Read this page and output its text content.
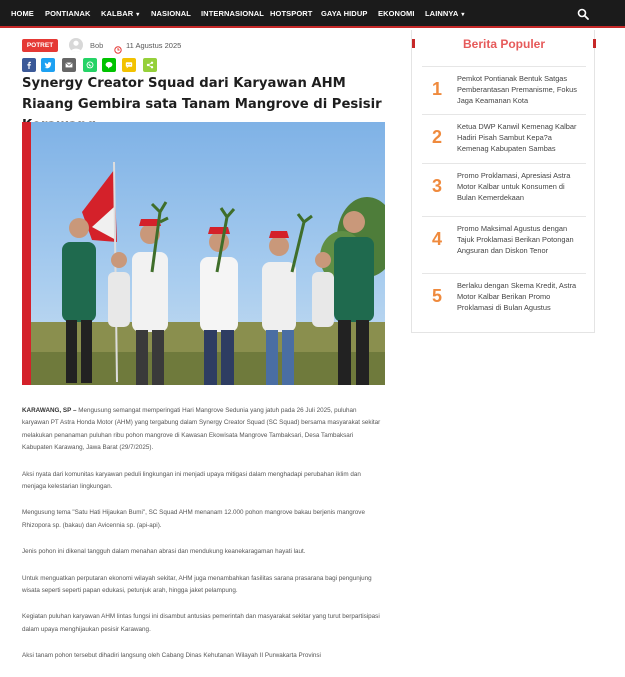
HOME PONTIANAK KALBAR ▾ NASIONAL INTERNASIONAL HOTSPORT GAYA HIDUP EKONOMI LAINNYA ▾
POTRET	Bob	11 Agustus 2025
Synergy Creator Squad dari Karyawan AHM Riaang Gembira sata Tanam Mangrove di Pesisir

KARAWANG, SP – Mengusung semangat memperingati Hari Mangrove Sedunia yang jatuh pada 26 Juli 2025, puluhan karyawan PT Astra Honda Motor (AHM) yang tergabung dalam Synergy Creator Squad (SC Squad) bersama masyarakat sekitar melakukan penanaman puluhan ribu pohon mangrove di Kawasan Ekowisata Mangrove Tambaksari, Desa Tambaksari Kabupaten Karawang, Jawa Barat (29/7/2025).

Aksi nyata dari komunitas karyawan peduli lingkungan ini menjadi upaya mitigasi dalam menghadapi perubahan iklim dan menjaga kelestarian lingkungan.

Mengusung tema "Satu Hati Hijaukan Bumi", SC Squad AHM menanam 12.000 pohon mangrove bakau berjenis mangrove Rhizopora sp. (bakau) dan Avicennia sp. (api-api).

Jenis pohon ini dikenal tangguh dalam menahan abrasi dan mendukung keanekaragaman hayati laut.

Untuk menguatkan perputaran ekonomi wilayah sekitar, AHM juga menambahkan fasilitas sarana prasarana bagi pengunjung wisata seperti seperti papan edukasi, petunjuk arah, hingga jaket pelampung.

Kegiatan puluhan karyawan AHM lintas fungsi ini disambut antusias pemerintah dan masyarakat sekitar yang turut berpartisipasi dalam upaya menghijaukan pesisir Karawang.

Aksi tanam pohon tersebut dihadiri langsung oleh Cabang Dinas Kehutanan Wilayah II Purwakarta Provinsi

Berita Populer
1
Pemkot Pontianak Bentuk Satgas Pemberantasan Premanisme, Fokus Jaga Keamanan Kota
2
Ketua DWP Kanwil Kemenag Kalbar Hadiri Pisah Sambut Kepa?a Kemenag Kabupaten Sambas
3
Promo Proklamasi, Apresiasi Astra Motor Kalbar untuk Konsumen di Bulan Kemerdekaan
4
Promo Maksimal Agustus dengan Tajuk Proklamasi Berikan Potongan Angsuran dan Diskon Tenor
5
Berlaku dengan Skema Kredit, Astra Motor Kalbar Berikan Promo Proklamasi di Bulan Agustus
